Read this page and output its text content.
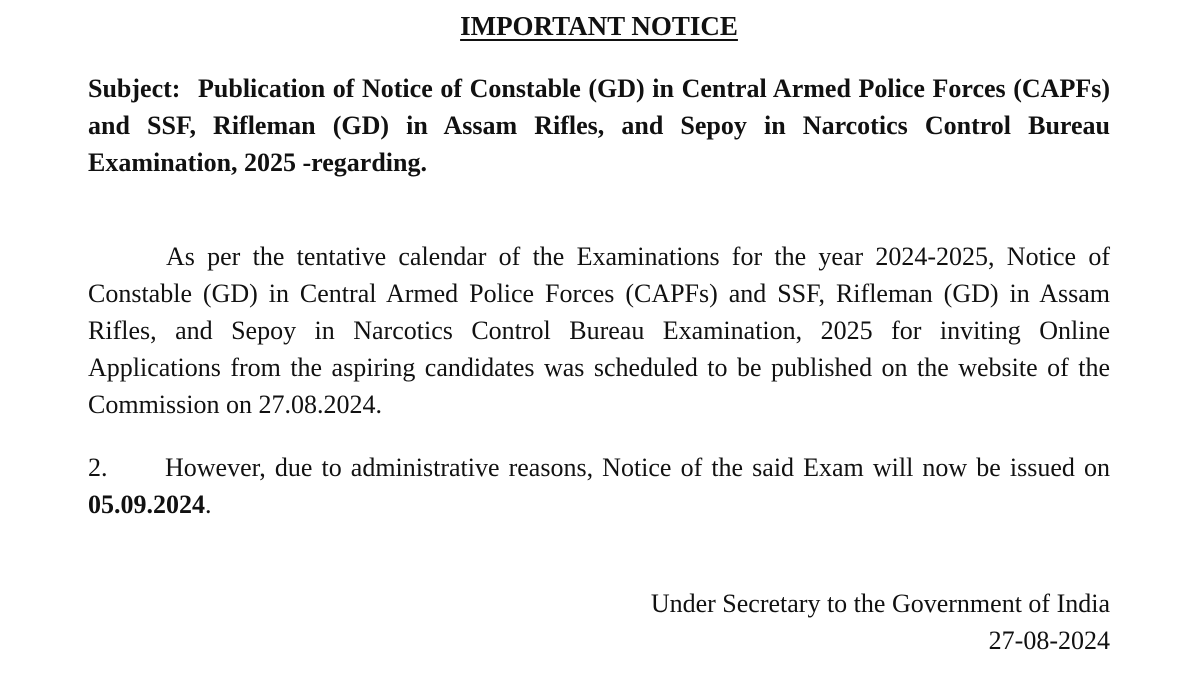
IMPORTANT NOTICE
Subject: Publication of Notice of Constable (GD) in Central Armed Police Forces (CAPFs) and SSF, Rifleman (GD) in Assam Rifles, and Sepoy in Narcotics Control Bureau Examination, 2025 -regarding.
As per the tentative calendar of the Examinations for the year 2024-2025, Notice of Constable (GD) in Central Armed Police Forces (CAPFs) and SSF, Rifleman (GD) in Assam Rifles, and Sepoy in Narcotics Control Bureau Examination, 2025 for inviting Online Applications from the aspiring candidates was scheduled to be published on the website of the Commission on 27.08.2024.
2. However, due to administrative reasons, Notice of the said Exam will now be issued on 05.09.2024.
Under Secretary to the Government of India
27-08-2024
